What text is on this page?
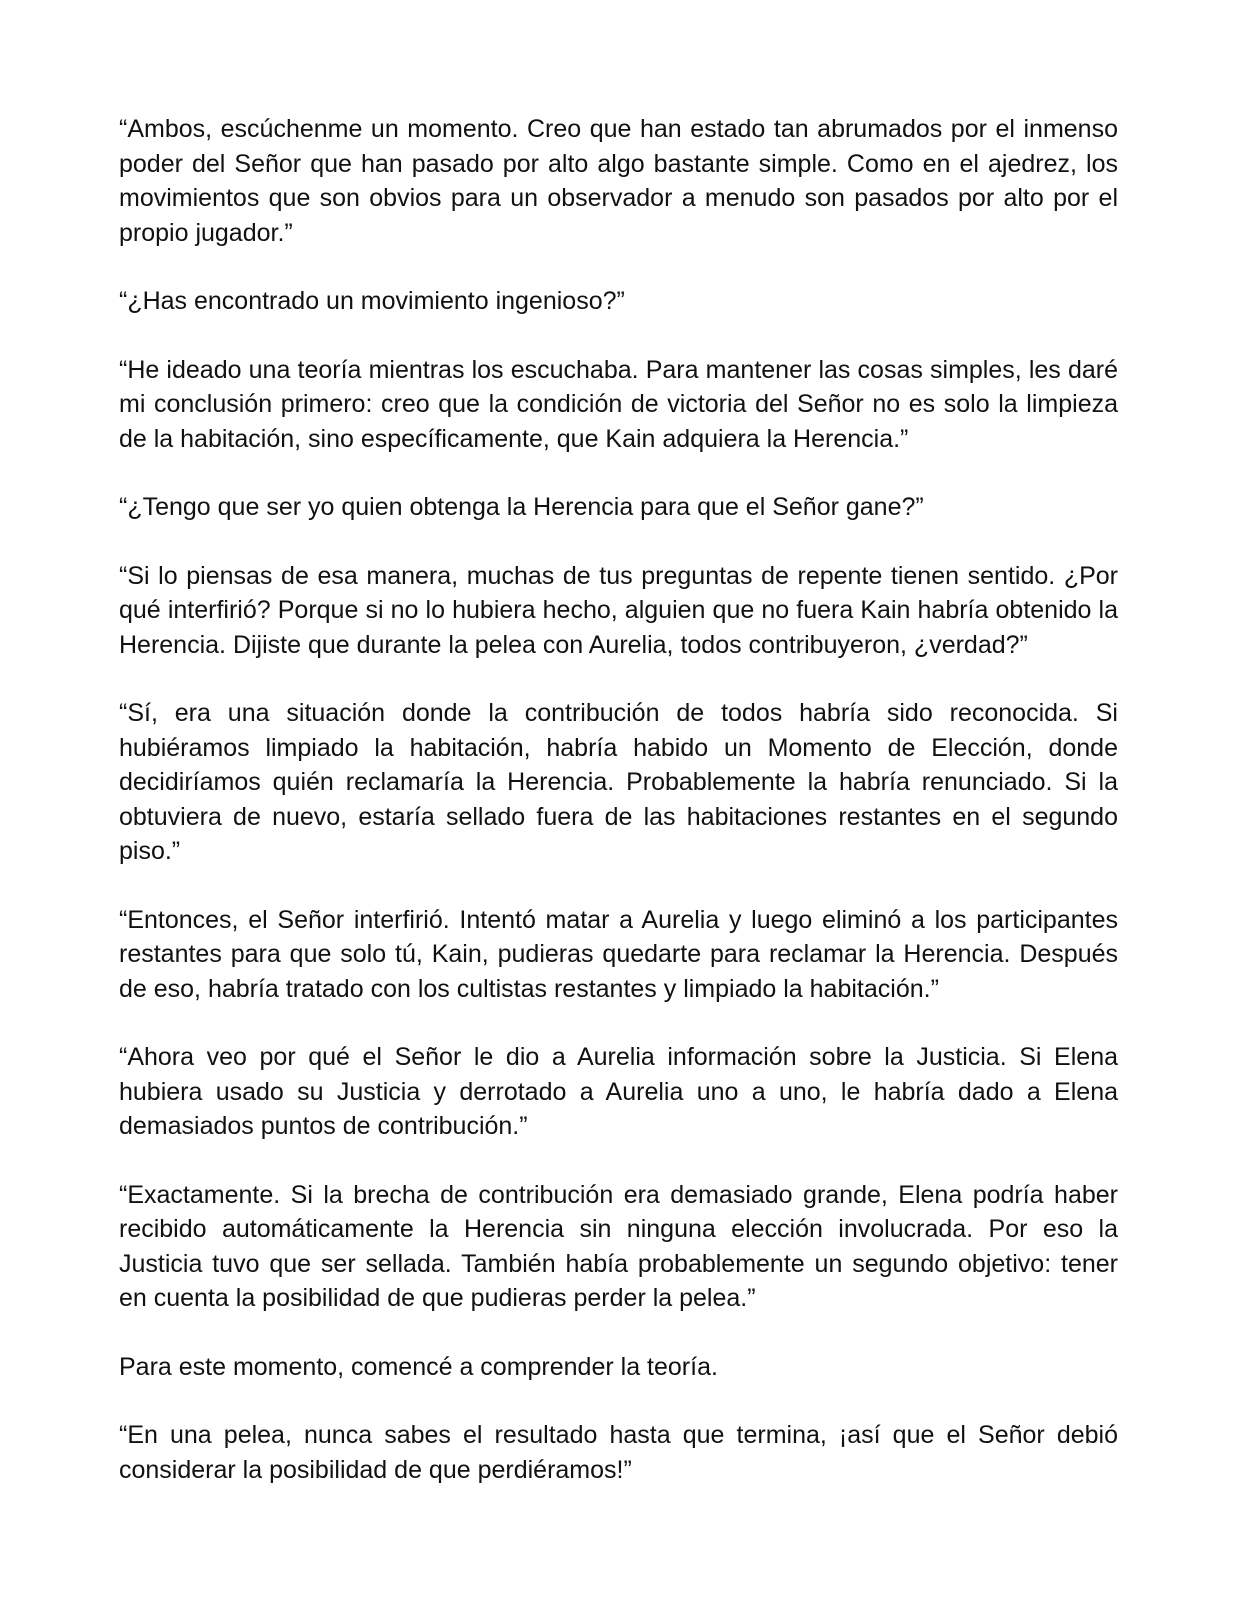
“Ambos, escúchenme un momento. Creo que han estado tan abrumados por el inmenso poder del Señor que han pasado por alto algo bastante simple. Como en el ajedrez, los movimientos que son obvios para un observador a menudo son pasados por alto por el propio jugador.”

“¿Has encontrado un movimiento ingenioso?”

“He ideado una teoría mientras los escuchaba. Para mantener las cosas simples, les daré mi conclusión primero: creo que la condición de victoria del Señor no es solo la limpieza de la habitación, sino específicamente, que Kain adquiera la Herencia.”

“¿Tengo que ser yo quien obtenga la Herencia para que el Señor gane?”

“Si lo piensas de esa manera, muchas de tus preguntas de repente tienen sentido. ¿Por qué interfirió? Porque si no lo hubiera hecho, alguien que no fuera Kain habría obtenido la Herencia. Dijiste que durante la pelea con Aurelia, todos contribuyeron, ¿verdad?”

“Sí, era una situación donde la contribución de todos habría sido reconocida. Si hubiéramos limpiado la habitación, habría habido un Momento de Elección, donde decidiríamos quién reclamaría la Herencia. Probablemente la habría renunciado. Si la obtuviera de nuevo, estaría sellado fuera de las habitaciones restantes en el segundo piso.”

“Entonces, el Señor interfirió. Intentó matar a Aurelia y luego eliminó a los participantes restantes para que solo tú, Kain, pudieras quedarte para reclamar la Herencia. Después de eso, habría tratado con los cultistas restantes y limpiado la habitación.”

“Ahora veo por qué el Señor le dio a Aurelia información sobre la Justicia. Si Elena hubiera usado su Justicia y derrotado a Aurelia uno a uno, le habría dado a Elena demasiados puntos de contribución.”

“Exactamente. Si la brecha de contribución era demasiado grande, Elena podría haber recibido automáticamente la Herencia sin ninguna elección involucrada. Por eso la Justicia tuvo que ser sellada. También había probablemente un segundo objetivo: tener en cuenta la posibilidad de que pudieras perder la pelea.”

Para este momento, comencé a comprender la teoría.

“En una pelea, nunca sabes el resultado hasta que termina, ¡así que el Señor debió considerar la posibilidad de que perdiéramos!”
